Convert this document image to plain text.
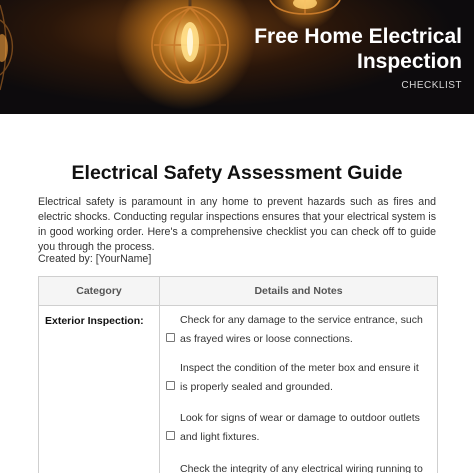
Free Home Electrical
Inspection
CHECKLIST
Electrical Safety Assessment Guide

Electrical safety is paramount in any home to prevent hazards such as fires and electric shocks. Conducting regular inspections ensures that your electrical system is in good working order. Here's a comprehensive checklist you can check off to guide you through the process.

Created by: [YourName]
Category	Details and Notes
Exterior Inspection:	Check for any damage to the service entrance, such as frayed wires or loose connections.
Inspect the condition of the meter box and ensure it is properly sealed and grounded.
Look for signs of wear or damage to outdoor outlets and light fixtures.
Check the integrity of any electrical wiring running to
